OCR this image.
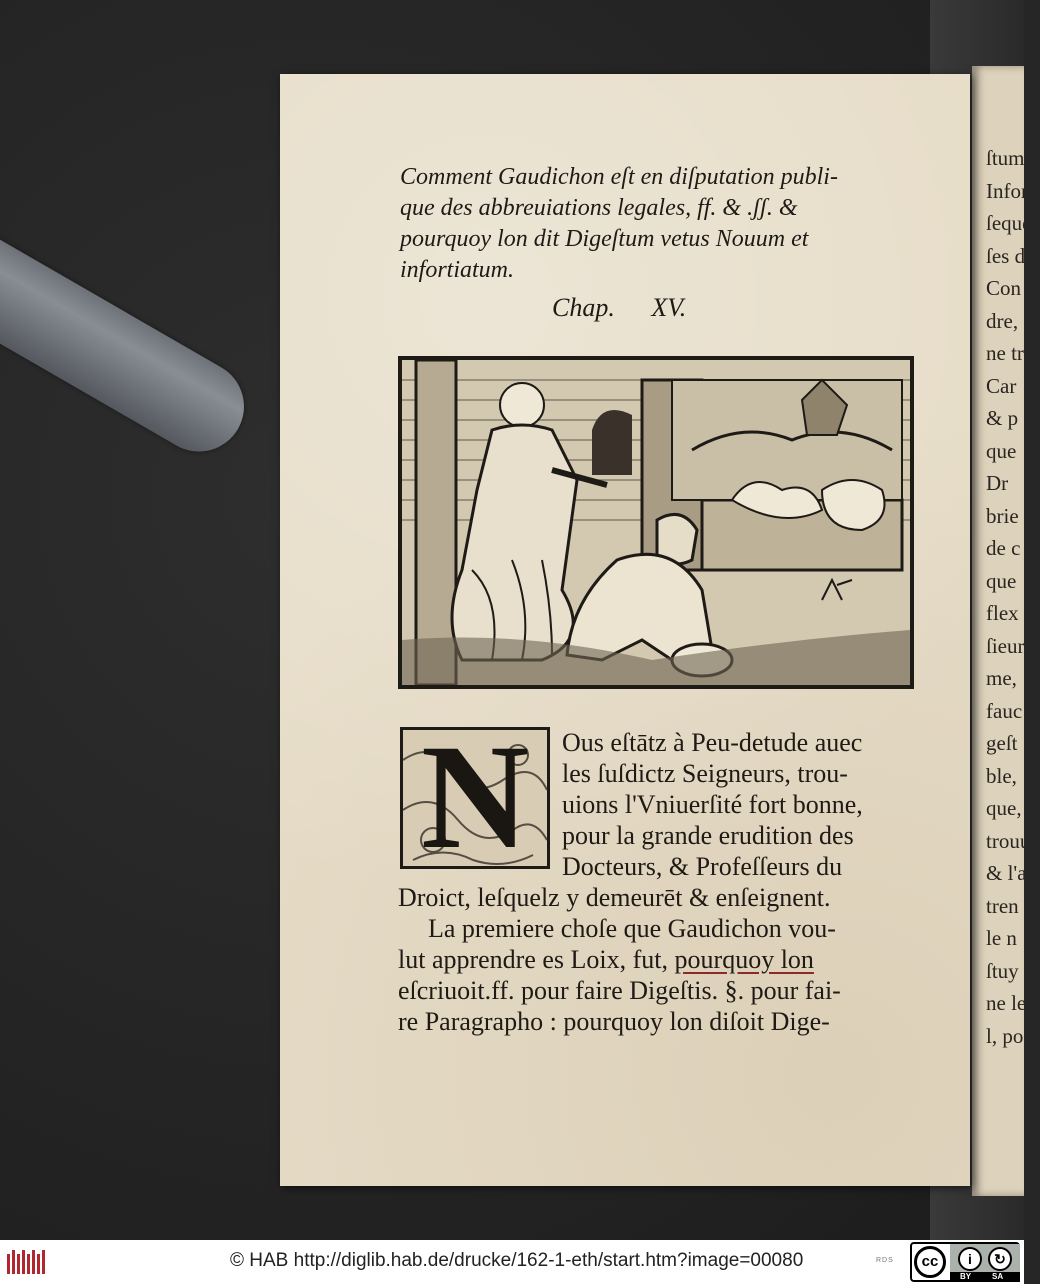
ſtum v
Infor
ſequé
ſes d'
Con
dre,
ne tr
Car
& p
que
Dr
brie
de c
que
flex
ſieur
me,
fauc
geſt
ble,
que,
trouu
& l'a
tren
le n
ſtuy
ne le
l, po
Comment Gaudichon eſt en diſputation publi-
que des abbreuiations legales, ff. & .ʃʃ. &
pourquoy lon dit Digeſtum vetus Nouum et
infortiatum.
Chap. XV.
N Ous eſtātz à Peu-detude auec
les ſuſdictz Seigneurs, trou-
uions l'Vniuerſité fort bonne,
pour la grande erudition des
Docteurs, & Profeſſeurs du
Droict, leſquelz y demeurēt & enſeignent.
La premiere choſe que Gaudichon vou-
lut apprendre es Loix, fut, pourquoy lon
eſcriuoit.ff. pour faire Digeſtis. §. pour fai-
re Paragrapho : pourquoy lon diſoit Dige-
© HAB http://diglib.hab.de/drucke/162-1-eth/start.htm?image=00080	RDS	cc	i	↻
BY	SA
